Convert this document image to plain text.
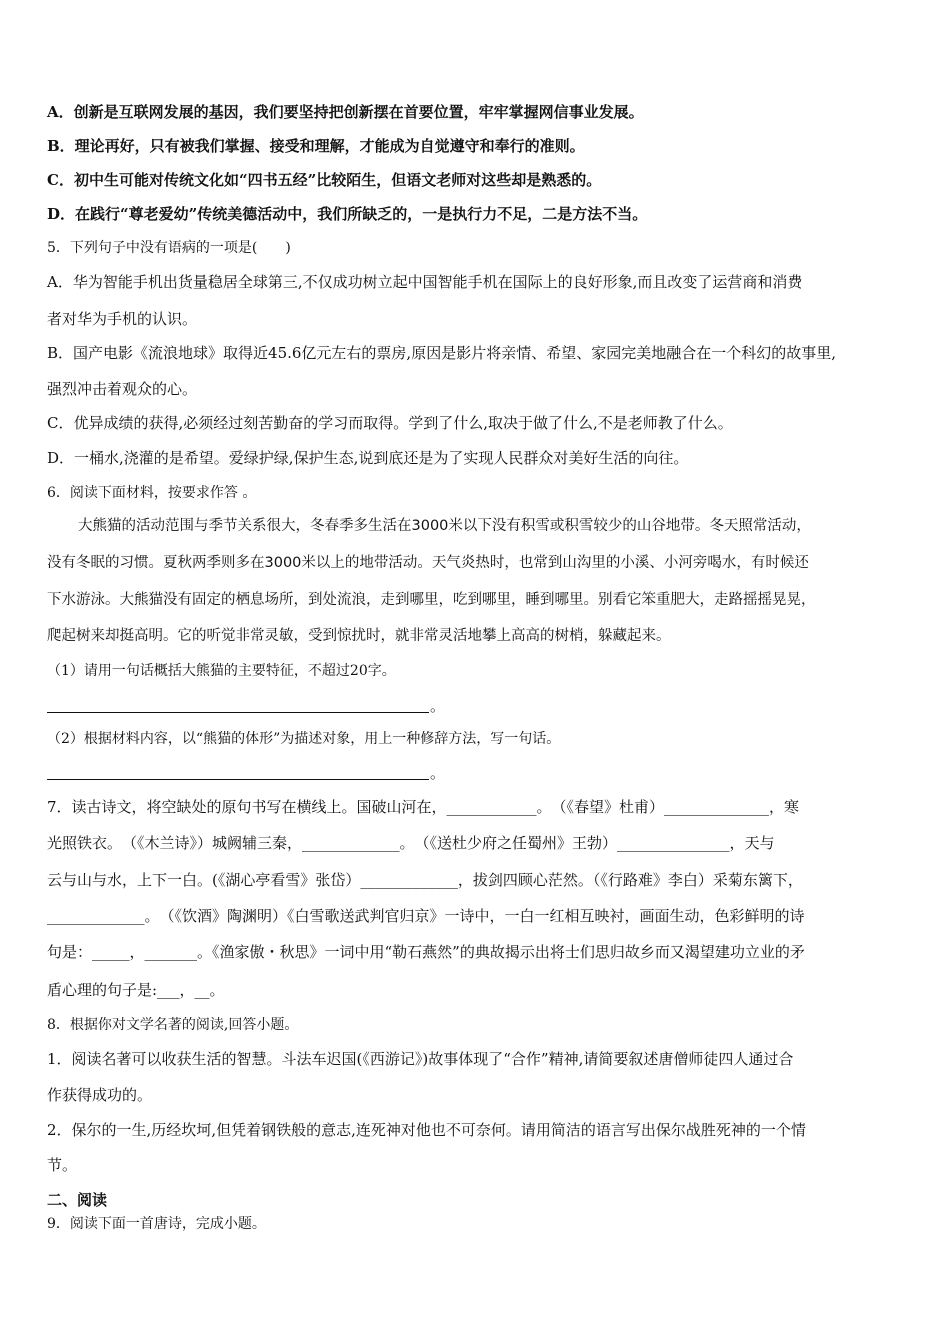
A．创新是互联网发展的基因，我们要坚持把创新摆在首要位置，牢牢掌握网信事业发展。
B．理论再好，只有被我们掌握、接受和理解，才能成为自觉遵守和奉行的准则。
C．初中生可能对传统文化如“四书五经”比较陌生，但语文老师对这些却是熟悉的。
D．在践行“尊老爱幼”传统美德活动中，我们所缺乏的，一是执行力不足，二是方法不当。
5．下列句子中没有语病的一项是(　　)
A．华为智能手机出货量稳居全球第三,不仅成功树立起中国智能手机在国际上的良好形象,而且改变了运营商和消费
者对华为手机的认识。
B．国产电影《流浪地球》取得近45.6亿元左右的票房,原因是影片将亲情、希望、家园完美地融合在一个科幻的故事里,
强烈冲击着观众的心。
C．优异成绩的获得,必须经过刻苦勤奋的学习而取得。学到了什么,取决于做了什么,不是老师教了什么。
D．一桶水,浇灌的是希望。爱绿护绿,保护生态,说到底还是为了实现人民群众对美好生活的向往。
6．阅读下面材料，按要求作答 。
大熊猫的活动范围与季节关系很大，冬春季多生活在3000米以下没有积雪或积雪较少的山谷地带。冬天照常活动，
没有冬眠的习惯。夏秋两季则多在3000米以上的地带活动。天气炎热时，也常到山沟里的小溪、小河旁喝水，有时候还
下水游泳。大熊猫没有固定的栖息场所，到处流浪，走到哪里，吃到哪里，睡到哪里。别看它笨重肥大，走路摇摇晃晃，
爬起树来却挺高明。它的听觉非常灵敏，受到惊扰时，就非常灵活地攀上高高的树梢，躲藏起来。
（1）请用一句话概括大熊猫的主要特征，不超过20字。
。
（2）根据材料内容，以“熊猫的体形”为描述对象，用上一种修辞方法，写一句话。
。
7．读古诗文，将空缺处的原句书写在横线上。国破山河在，____________。　（《春望》杜甫）______________，寒
光照铁衣。　（《木兰诗》）城阙辅三秦，_____________。　（《送杜少府之任蜀州》王勃）_______________，天与
云与山与水，上下一白。(《湖心亭看雪》张岱）_____________，拔剑四顾心茫然。（《行路难》李白）采菊东篱下，
_____________。　（《饮酒》陶渊明）《白雪歌送武判官归京》一诗中，一白一红相互映衬，画面生动，色彩鲜明的诗
句是：_____，_______。《渔家傲・秋思》一词中用“勒石燕然”的典故揭示出将士们思归故乡而又渴望建功立业的矛
盾心理的句子是:___，__。
8．根据你对文学名著的阅读,回答小题。
1．阅读名著可以收获生活的智慧。斗法车迟国(《西游记》)故事体现了“合作”精神,请简要叙述唐僧师徒四人通过合
作获得成功的。
2．保尔的一生,历经坎坷,但凭着钢铁般的意志,连死神对他也不可奈何。请用简洁的语言写出保尔战胜死神的一个情
节。
二、阅读
9．阅读下面一首唐诗，完成小题。
